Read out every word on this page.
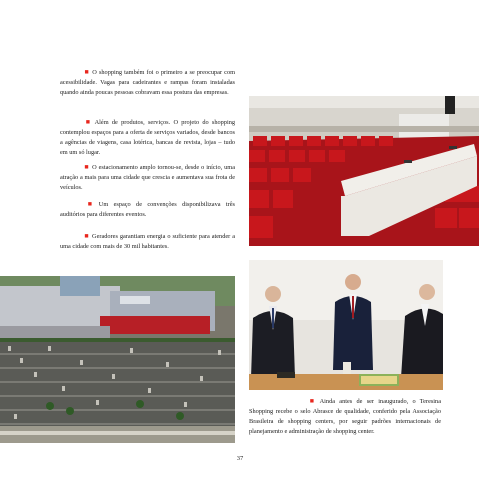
■ O shopping também foi o primeiro a se preocupar com acessibilidade. Vagas para cadeirantes e rampas foram instaladas quando ainda poucas pessoas cobravam essa postura das empresas.

■ Além de produtos, serviços. O projeto do shopping contemplou espaços para a oferta de serviços variados, desde bancos a agências de viagens, casa lotérica, bancas de revista, lojas – tudo em um só lugar.

■ O estacionamento amplo tornou-se, desde o início, uma atração a mais para uma cidade que crescia e aumentava sua frota de veículos.

■ Um espaço de convenções disponibilizava três auditórios para diferentes eventos.

■ Geradores garantiam energia o suficiente para atender a uma cidade com mais de 30 mil habitantes.

■ Ainda antes de ser inaugurado, o Teresina Shopping recebe o selo Abrasce de qualidade, conferido pela Associação Brasileira de shopping centers, por seguir padrões internacionais de planejamento e administração de shopping center.

37
